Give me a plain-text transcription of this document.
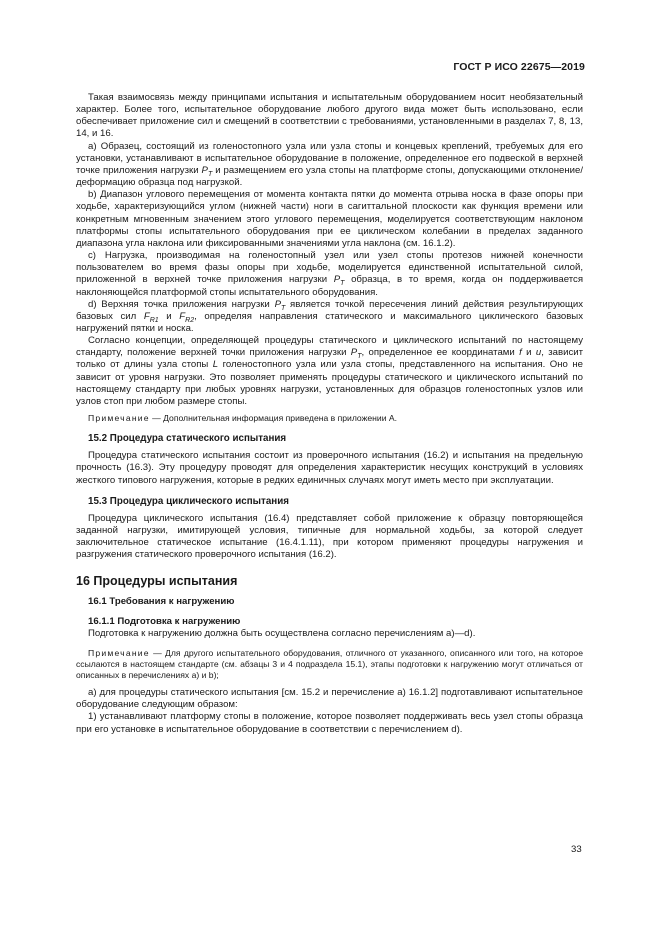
ГОСТ Р ИСО 22675—2019

Такая взаимосвязь между принципами испытания и испытательным оборудованием носит необязательный характер. Более того, испытательное оборудование любого другого вида может быть использовано, если обеспечивает приложение сил и смещений в соответствии с требованиями, установленными в разделах 7, 8, 13, 14, и 16.

а) Образец, состоящий из голеностопного узла или узла стопы и концевых креплений, требуемых для его установки, устанавливают в испытательное оборудование в положение, определенное его подвеской в верхней точке приложения нагрузки $P_T$ и размещением его узла стопы на платформе стопы, допускающими отклонение/деформацию образца под нагрузкой.

b) Диапазон углового перемещения от момента контакта пятки до момента отрыва носка в фазе опоры при ходьбе, характеризующийся углом (нижней части) ноги в сагиттальной плоскости как функция времени или конкретным мгновенным значением этого углового перемещения, моделируется соответствующим наклоном платформы стопы испытательного оборудования при ее циклическом колебании в пределах заданного диапазона угла наклона или фиксированными значениями угла наклона (см. 16.1.2).

c) Нагрузка, производимая на голеностопный узел или узел стопы протезов нижней конечности пользователем во время фазы опоры при ходьбе, моделируется единственной испытательной силой, приложенной в верхней точке приложения нагрузки $P_T$ образца, в то время, когда он поддерживается наклоняющейся платформой стопы испытательного оборудования.

d) Верхняя точка приложения нагрузки $P_T$ является точкой пересечения линий действия результирующих базовых сил $F_{R1}$ и $F_{R2}$, определяя направления статического и максимального циклического базовых нагружений пятки и носка.

Согласно концепции, определяющей процедуры статического и циклического испытаний по настоящему стандарту, положение верхней точки приложения нагрузки $P_T$, определенное ее координатами f и u, зависит только от длины узла стопы L голеностопного узла или узла стопы, представленного на испытания. Оно не зависит от уровня нагрузки. Это позволяет применять процедуры статического и циклического испытаний по настоящему стандарту при любых уровнях нагрузки, установленных для образцов голеностопных узлов или узлов стоп при любом размере стопы.

Примечание — Дополнительная информация приведена в приложении А.

15.2 Процедура статического испытания

Процедура статического испытания состоит из проверочного испытания (16.2) и испытания на предельную прочность (16.3). Эту процедуру проводят для определения характеристик несущих конструкций в условиях жесткого типового нагружения, которые в редких единичных случаях могут иметь место при эксплуатации.

15.3 Процедура циклического испытания

Процедура циклического испытания (16.4) представляет собой приложение к образцу повторяющейся заданной нагрузки, имитирующей условия, типичные для нормальной ходьбы, за которой следует заключительное статическое испытание (16.4.1.11), при котором применяют процедуры нагружения и разгружения статического проверочного испытания (16.2).

16 Процедуры испытания
16.1 Требования к нагружению
16.1.1 Подготовка к нагружению

Подготовка к нагружению должна быть осуществлена согласно перечислениям а)—d).

Примечание — Для другого испытательного оборудования, отличного от указанного, описанного или того, на которое ссылаются в настоящем стандарте (см. абзацы 3 и 4 подраздела 15.1), этапы подготовки к нагружению могут отличаться от описанных в перечислениях а) и b);

а) для процедуры статического испытания [см. 15.2 и перечисление а) 16.1.2] подготавливают испытательное оборудование следующим образом:

1) устанавливают платформу стопы в положение, которое позволяет поддерживать весь узел стопы образца при его установке в испытательное оборудование в соответствии с перечислением d).

33
